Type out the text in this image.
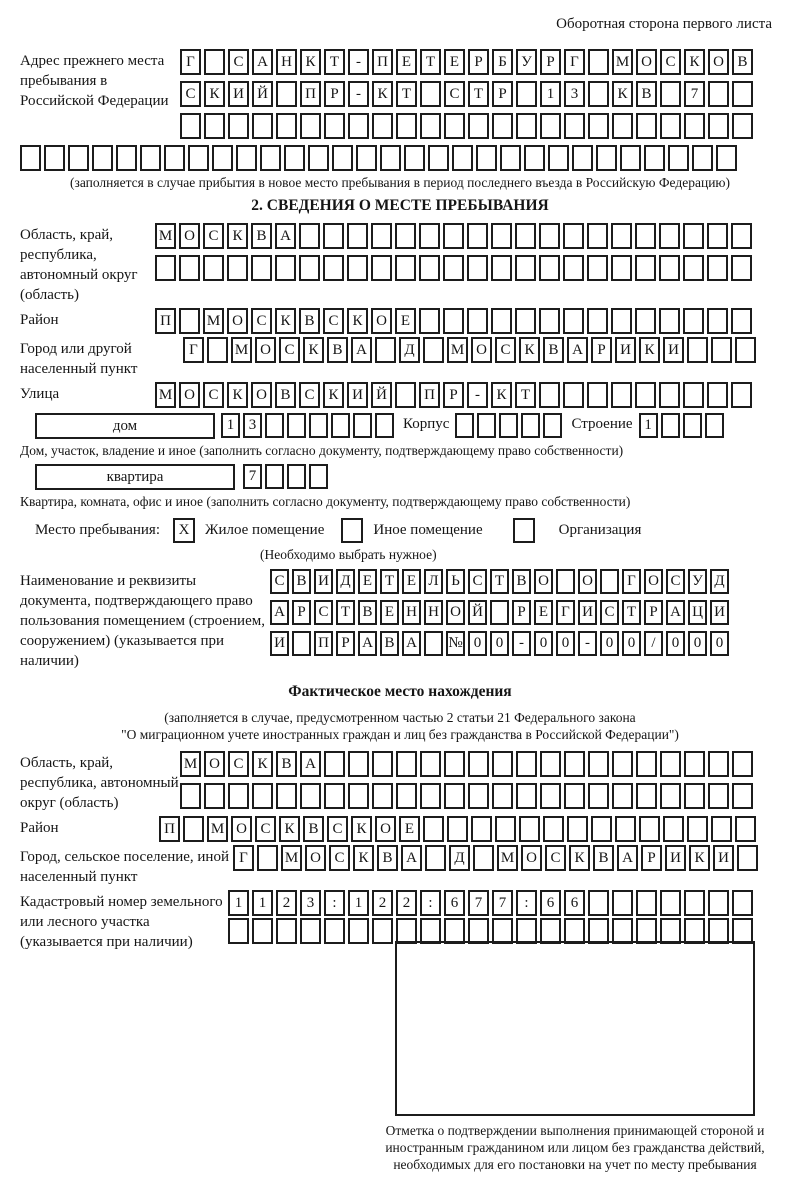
Оборотная сторона первого листа
Адрес прежнего места пребывания в Российской Федерации
Г	С А Н К Т	-	П Е Т Е	Р	Б У Р	Г	М О С К О В
С К И Й	П Р	-	К Т	С Т	Р	1	3	К В	7
(заполняется в случае прибытия в новое место пребывания в период последнего въезда в Российскую Федерацию)
2. СВЕДЕНИЯ О МЕСТЕ ПРЕБЫВАНИЯ
Область, край, республика, автономный округ (область)
М О С К В А
Район	П	М О С К В С К О Е
Город или другой населенный пункт
Г	М О С К В А	Д	М О С К В А Р И К И
Улица	М О С К О В С К И Й	П Р	-	К Т
дом	1 3	Корпус	Строение 1
Дом, участок, владение и иное (заполнить согласно документу, подтверждающему право собственности)
квартира	7
Квартира, комната, офис и иное (заполнить согласно документу, подтверждающему право собственности)
Место пребывания:	X	Жилое помещение	Иное помещение	Организация
(Необходимо выбрать нужное)
Наименование и реквизиты документа, подтверждающего право пользования помещением (строением, сооружением) (указывается при наличии)
С В И Д Е Т Е Л Ь С Т В О О	Г О С У Д
А Р С Т В Е Н Н О Й	Р Е Г И С Т Р А Ц И
И П Р А В А № 0 0	-	0 0	-	0 0	/	0 0 0
Фактическое место нахождения
(заполняется в случае, предусмотренном частью 2 статьи 21 Федерального закона
"О миграционном учете иностранных граждан и лиц без гражданства в Российской Федерации")
Область, край, республика, автономный округ (область)
М О С К В А
Район	П	М О С К В С К О Е
Город, сельское поселение, иной населенный пункт
Г	М О С К В А	Д	М О С К В А Р И К И
Кадастровый номер земельного или лесного участка (указывается при наличии)
1	1	2	3	:	1	2	2	:	6	7	7	:	6	6
Отметка о подтверждении выполнения принимающей стороной и иностранным гражданином или лицом без гражданства действий, необходимых для его постановки на учет по месту пребывания
